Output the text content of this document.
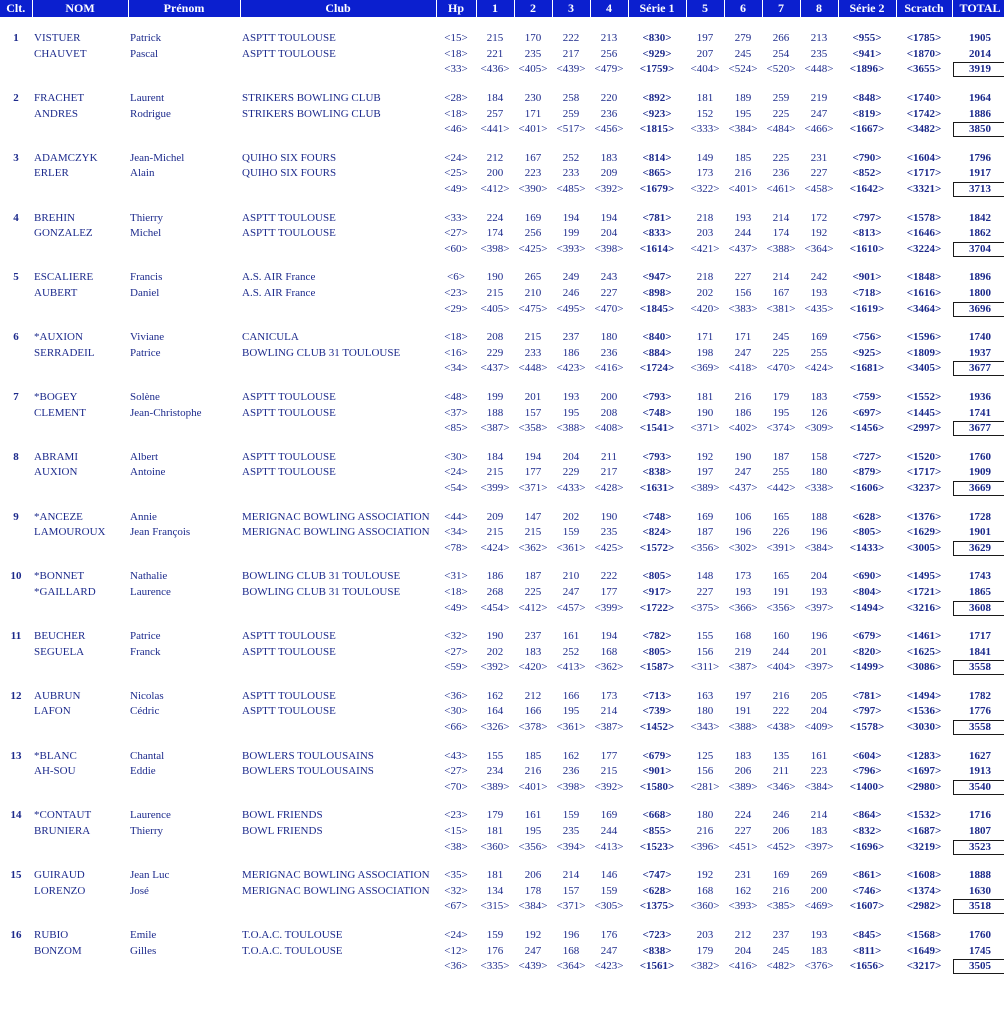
Clt.	NOM	Prénom	Club	Hp	1	2	3	4	Série 1	5	6	7	8	Série 2	Scratch	TOTAL

1	VISTUER	Patrick	ASPTT TOULOUSE	<15>	215	170	222	213	<830>	197	279	266	213	<955>	<1785>	1905
	CHAUVET	Pascal	ASPTT TOULOUSE	<18>	221	235	217	256	<929>	207	245	254	235	<941>	<1870>	2014
				<33>	<436>	<405>	<439>	<479>	<1759>	<404>	<524>	<520>	<448>	<1896>	<3655>	3919

2	FRACHET	Laurent	STRIKERS BOWLING CLUB	<28>	184	230	258	220	<892>	181	189	259	219	<848>	<1740>	1964
	ANDRES	Rodrigue	STRIKERS BOWLING CLUB	<18>	257	171	259	236	<923>	152	195	225	247	<819>	<1742>	1886
				<46>	<441>	<401>	<517>	<456>	<1815>	<333>	<384>	<484>	<466>	<1667>	<3482>	3850

3	ADAMCZYK	Jean-Michel	QUIHO SIX FOURS	<24>	212	167	252	183	<814>	149	185	225	231	<790>	<1604>	1796
	ERLER	Alain	QUIHO SIX FOURS	<25>	200	223	233	209	<865>	173	216	236	227	<852>	<1717>	1917
				<49>	<412>	<390>	<485>	<392>	<1679>	<322>	<401>	<461>	<458>	<1642>	<3321>	3713

4	BREHIN	Thierry	ASPTT TOULOUSE	<33>	224	169	194	194	<781>	218	193	214	172	<797>	<1578>	1842
	GONZALEZ	Michel	ASPTT TOULOUSE	<27>	174	256	199	204	<833>	203	244	174	192	<813>	<1646>	1862
				<60>	<398>	<425>	<393>	<398>	<1614>	<421>	<437>	<388>	<364>	<1610>	<3224>	3704

5	ESCALIERE	Francis	A.S. AIR France	<6>	190	265	249	243	<947>	218	227	214	242	<901>	<1848>	1896
	AUBERT	Daniel	A.S. AIR France	<23>	215	210	246	227	<898>	202	156	167	193	<718>	<1616>	1800
				<29>	<405>	<475>	<495>	<470>	<1845>	<420>	<383>	<381>	<435>	<1619>	<3464>	3696

6	*AUXION	Viviane	CANICULA	<18>	208	215	237	180	<840>	171	171	245	169	<756>	<1596>	1740
	SERRADEIL	Patrice	BOWLING CLUB 31 TOULOUSE	<16>	229	233	186	236	<884>	198	247	225	255	<925>	<1809>	1937
				<34>	<437>	<448>	<423>	<416>	<1724>	<369>	<418>	<470>	<424>	<1681>	<3405>	3677

7	*BOGEY	Solène	ASPTT TOULOUSE	<48>	199	201	193	200	<793>	181	216	179	183	<759>	<1552>	1936
	CLEMENT	Jean-Christophe	ASPTT TOULOUSE	<37>	188	157	195	208	<748>	190	186	195	126	<697>	<1445>	1741
				<85>	<387>	<358>	<388>	<408>	<1541>	<371>	<402>	<374>	<309>	<1456>	<2997>	3677

8	ABRAMI	Albert	ASPTT TOULOUSE	<30>	184	194	204	211	<793>	192	190	187	158	<727>	<1520>	1760
	AUXION	Antoine	ASPTT TOULOUSE	<24>	215	177	229	217	<838>	197	247	255	180	<879>	<1717>	1909
				<54>	<399>	<371>	<433>	<428>	<1631>	<389>	<437>	<442>	<338>	<1606>	<3237>	3669

9	*ANCEZE	Annie	MERIGNAC BOWLING ASSOCIATION	<44>	209	147	202	190	<748>	169	106	165	188	<628>	<1376>	1728
	LAMOUROUX	Jean François	MERIGNAC BOWLING ASSOCIATION	<34>	215	215	159	235	<824>	187	196	226	196	<805>	<1629>	1901
				<78>	<424>	<362>	<361>	<425>	<1572>	<356>	<302>	<391>	<384>	<1433>	<3005>	3629

10	*BONNET	Nathalie	BOWLING CLUB 31 TOULOUSE	<31>	186	187	210	222	<805>	148	173	165	204	<690>	<1495>	1743
	*GAILLARD	Laurence	BOWLING CLUB 31 TOULOUSE	<18>	268	225	247	177	<917>	227	193	191	193	<804>	<1721>	1865
				<49>	<454>	<412>	<457>	<399>	<1722>	<375>	<366>	<356>	<397>	<1494>	<3216>	3608

11	BEUCHER	Patrice	ASPTT TOULOUSE	<32>	190	237	161	194	<782>	155	168	160	196	<679>	<1461>	1717
	SEGUELA	Franck	ASPTT TOULOUSE	<27>	202	183	252	168	<805>	156	219	244	201	<820>	<1625>	1841
				<59>	<392>	<420>	<413>	<362>	<1587>	<311>	<387>	<404>	<397>	<1499>	<3086>	3558

12	AUBRUN	Nicolas	ASPTT TOULOUSE	<36>	162	212	166	173	<713>	163	197	216	205	<781>	<1494>	1782
	LAFON	Cédric	ASPTT TOULOUSE	<30>	164	166	195	214	<739>	180	191	222	204	<797>	<1536>	1776
				<66>	<326>	<378>	<361>	<387>	<1452>	<343>	<388>	<438>	<409>	<1578>	<3030>	3558

13	*BLANC	Chantal	BOWLERS TOULOUSAINS	<43>	155	185	162	177	<679>	125	183	135	161	<604>	<1283>	1627
	AH-SOU	Eddie	BOWLERS TOULOUSAINS	<27>	234	216	236	215	<901>	156	206	211	223	<796>	<1697>	1913
				<70>	<389>	<401>	<398>	<392>	<1580>	<281>	<389>	<346>	<384>	<1400>	<2980>	3540

14	*CONTAUT	Laurence	BOWL FRIENDS	<23>	179	161	159	169	<668>	180	224	246	214	<864>	<1532>	1716
	BRUNIERA	Thierry	BOWL FRIENDS	<15>	181	195	235	244	<855>	216	227	206	183	<832>	<1687>	1807
				<38>	<360>	<356>	<394>	<413>	<1523>	<396>	<451>	<452>	<397>	<1696>	<3219>	3523

15	GUIRAUD	Jean Luc	MERIGNAC BOWLING ASSOCIATION	<35>	181	206	214	146	<747>	192	231	169	269	<861>	<1608>	1888
	LORENZO	José	MERIGNAC BOWLING ASSOCIATION	<32>	134	178	157	159	<628>	168	162	216	200	<746>	<1374>	1630
				<67>	<315>	<384>	<371>	<305>	<1375>	<360>	<393>	<385>	<469>	<1607>	<2982>	3518

16	RUBIO	Emile	T.O.A.C. TOULOUSE	<24>	159	192	196	176	<723>	203	212	237	193	<845>	<1568>	1760
	BONZOM	Gilles	T.O.A.C. TOULOUSE	<12>	176	247	168	247	<838>	179	204	245	183	<811>	<1649>	1745
				<36>	<335>	<439>	<364>	<423>	<1561>	<382>	<416>	<482>	<376>	<1656>	<3217>	3505
